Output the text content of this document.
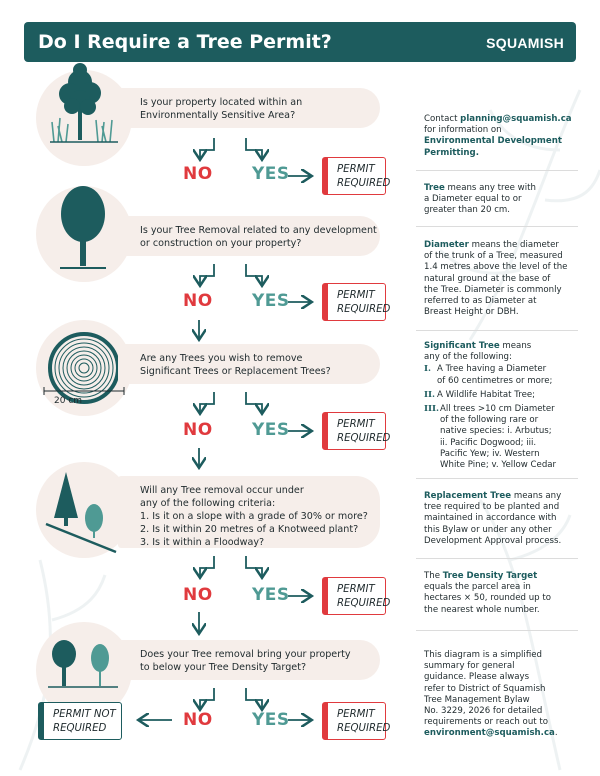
Do I Require a Tree Permit?	SQUAMISH
20 cm
Is your property located within an
Environmentally Sensitive Area?
Is your Tree Removal related to any development
or construction on your property?
Are any Trees you wish to remove
Significant Trees or Replacement Trees?
Will any Tree removal occur under
any of the following criteria:
1. Is it on a slope with a grade of 30% or more?
2. Is it within 20 metres of a Knotweed plant?
3. Is it within a Floodway?
Does your Tree removal bring your property
to below your Tree Density Target?
NO YES
NO YES
NO YES
NO YES
NO YES
PERMIT
REQUIRED
PERMIT
REQUIRED
PERMIT
REQUIRED
PERMIT
REQUIRED
PERMIT
REQUIRED
PERMIT NOT
REQUIRED
Contact planning@squamish.ca
for information on
Environmental Development
Permitting.
Tree means any tree with
a Diameter equal to or
greater than 20 cm.
Diameter means the diameter
of the trunk of a Tree, measured
1.4 metres above the level of the
natural ground at the base of
the Tree. Diameter is commonly
referred to as Diameter at
Breast Height or DBH.
Significant Tree means
any of the following:
I. A Tree having a Diameter
of 60 centimetres or more;
II. A Wildlife Habitat Tree;
III. All trees >10 cm Diameter
of the following rare or
native species: i. Arbutus;
ii. Pacific Dogwood; iii.
Pacific Yew; iv. Western
White Pine; v. Yellow Cedar
Replacement Tree means any
tree required to be planted and
maintained in accordance with
this Bylaw or under any other
Development Approval process.
The Tree Density Target
equals the parcel area in
hectares × 50, rounded up to
the nearest whole number.
This diagram is a simplified
summary for general
guidance. Please always
refer to District of Squamish
Tree Management Bylaw
No. 3229, 2026 for detailed
requirements or reach out to
environment@squamish.ca.
